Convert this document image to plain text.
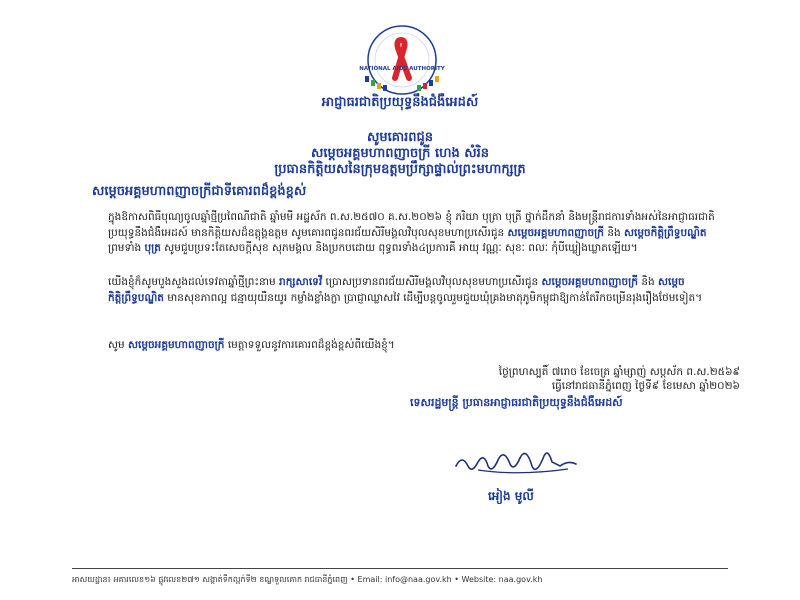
NATIONAL AIDS AUTHORITY
អាជ្ញាធរជាតិប្រយុទ្ធនឹងជំងឺអេដស៍
សូមគោរពជូន
សម្តេចអគ្គមហាពញាចក្រី ហេង សំរិន
ប្រធានកិត្តិយសនៃក្រុមឧត្តមប្រឹក្សាផ្ទាល់ព្រះមហាក្សត្រ
សម្តេចអគ្គមហាពញាចក្រីជាទីគោរពដ៏ខ្ពង់ខ្ពស់
ក្នុងឱកាសពិធីបុណ្យចូលឆ្នាំថ្មីប្រពៃណីជាតិ ឆ្នាំមមី អដ្ឋស័ក ព.ស.២៥៧០ គ.ស.២០២៦ ខ្ញុំ ភរិយា បុត្រា បុត្រី ថ្នាក់ដឹកនាំ និងមន្ត្រីរាជការទាំងអស់នៃអាជ្ញាធរជាតិប្រយុទ្ធនឹងជំងឺអេដស៍ មានកិត្តិយសដ៏ឧត្តុង្គឧត្តម សូមគោរពជូនពរជ័យសិរីមង្គលវិបុលសុខមហាប្រសើរជូន សម្តេចអគ្គមហាពញាចក្រី និង សម្តេចកិត្តិព្រឹទ្ធបណ្ឌិត ព្រមទាំង បុត្រ សូមជួបប្រទះតែសេចក្តីសុខ សុភមង្គល និងប្រកបដោយ ពុទ្ធពរទាំង៤ប្រការគឺ អាយុ វណ្ណៈ សុខៈ ពលៈ កុំបីឃ្លៀងឃ្លាតឡើយ។
យើងខ្ញុំក៏សូមបួងសួងដល់ទេវតាឆ្នាំថ្មីព្រះនាម រាក្សសាទេវី ប្រោសប្រទានពរជ័យសិរីមង្គលវិបុលសុខមហាប្រសើរជូន សម្តេចអគ្គមហាពញាចក្រី និង សម្តេចកិត្តិព្រឹទ្ធបណ្ឌិត មានសុខភាពល្អ ជន្មាយុយឺនយូរ កម្លាំងខ្លាំងក្លា ប្រាជ្ញាឈ្លាសវៃ ដើម្បីបន្តចូលរួមជួយឃុំគ្រងមាតុភូមិកម្ពុជាឱ្យកាន់តែរីកចម្រើនរុងរឿងថែមទៀត។
សូម សម្តេចអគ្គមហាពញាចក្រី មេត្តាទទួលនូវការគោរពដ៏ខ្ពង់ខ្ពស់ពីយើងខ្ញុំ។
ថ្ងៃព្រហស្បតិ៍ ៧រោច ខែចេត្រ ឆ្នាំម្សាញ់ សប្តស័ក ព.ស.២៥៦៩
ធ្វើនៅរាជធានីភ្នំពេញ ថ្ងៃទី៩ ខែមេសា ឆ្នាំ២០២៦
ទេសរដ្ឋមន្ត្រី ប្រធានអាជ្ញាធរជាតិប្រយុទ្ធនឹងជំងឺអេដស៍
អៀង មូលី
អាសយដ្ឋាន៖ អគារលេខ១៦ ផ្លូវលេខ២៧១ សង្កាត់ទឹកល្អក់ទី២ ខណ្ឌទួលគោក រាជធានីភ្នំពេញ • Email: info@naa.gov.kh • Website: naa.gov.kh
